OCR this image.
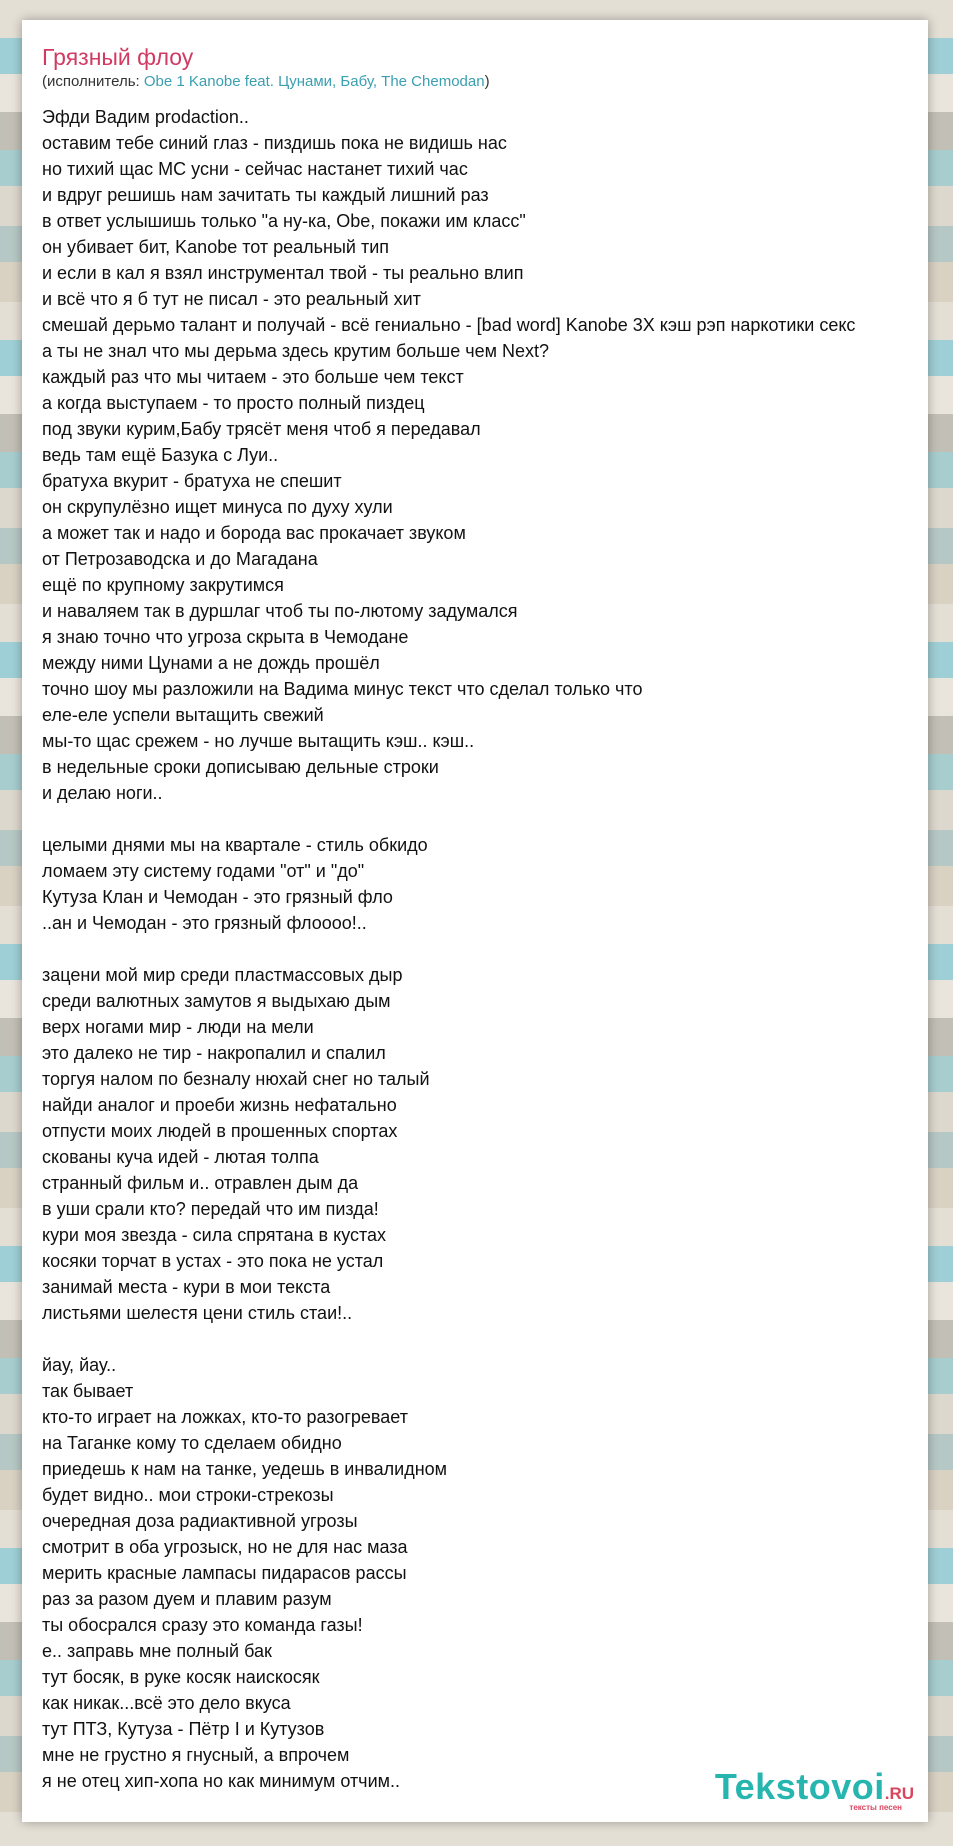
Грязный флоу
(исполнитель: Obe 1 Kanobe feat. Цунами, Бабу, The Chemodan)
Эфди Вадим prodaction..
оставим тебе синий глаз - пиздишь пока не видишь нас
но тихий щас МС усни - сейчас настанет тихий час
и вдруг решишь нам зачитать ты каждый лишний раз
в ответ услышишь только "а ну-ка, Obe, покажи им класс"
он убивает бит, Kanobe тот реальный тип
и если в кал я взял инструментал твой - ты реально влип
и всё что я б тут не писал - это реальный хит
смешай дерьмо талант и получай - всё гениально - [bad word] Kanobe 3X кэш рэп наркотики секс
а ты не знал что мы дерьма здесь крутим больше чем Next?
каждый раз что мы читаем - это больше чем текст
а когда выступаем - то просто полный пиздец
под звуки курим,Бабу трясёт меня чтоб я передавал
ведь там ещё Базука с Луи..
братуха вкурит - братуха не спешит
он скрупулёзно ищет минуса по духу хули
а может так и надо и борода вас прокачает звуком
от Петрозаводска и до Магадана
ещё по крупному закрутимся
и наваляем так в дуршлаг чтоб ты по-лютому задумался
я знаю точно что угроза скрыта в Чемодане
между ними Цунами а не дождь прошёл
точно шоу мы разложили на Вадима минус текст что сделал только что
еле-еле успели вытащить свежий
мы-то щас срежем - но лучше вытащить кэш.. кэш..
в недельные сроки дописываю дельные строки
и делаю ноги..
целыми днями мы на квартале - стиль обкидо
ломаем эту систему годами "от" и "до"
Кутуза Клан и Чемодан - это грязный фло
..ан и Чемодан - это грязный флоооо!..
зацени мой мир среди пластмассовых дыр
среди валютных замутов я выдыхаю дым
верх ногами мир - люди на мели
это далеко не тир - накропалил и спалил
торгуя налом по безналу нюхай снег но талый
найди аналог и проеби жизнь нефатально
отпусти моих людей в прошенных спортах
скованы куча идей - лютая толпа
странный фильм и.. отравлен дым да
в уши срали кто? передай что им пизда!
кури моя звезда - сила спрятана в кустах
косяки торчат в устах - это пока не устал
занимай места - кури в мои текста
листьями шелестя цени стиль стаи!..
йау, йау..
так бывает
кто-то играет на ложках, кто-то разогревает
на Таганке кому то сделаем обидно
приедешь к нам на танке, уедешь в инвалидном
будет видно.. мои строки-стрекозы
очередная доза радиактивной угрозы
смотрит в оба угрозыск, но не для нас маза
мерить красные лампасы пидарасов рассы
раз за разом дуем и плавим разум
ты обосрался сразу это команда газы!
е.. заправь мне полный бак
тут босяк, в руке косяк наискосяк
как никак...всё это дело вкуса
тут ПТЗ, Кутуза - Пётр I и Кутузов
мне не грустно я гнусный, а впрочем
я не отец хип-хопа но как минимум отчим..	Tekstovoi.RU
тексты песен
